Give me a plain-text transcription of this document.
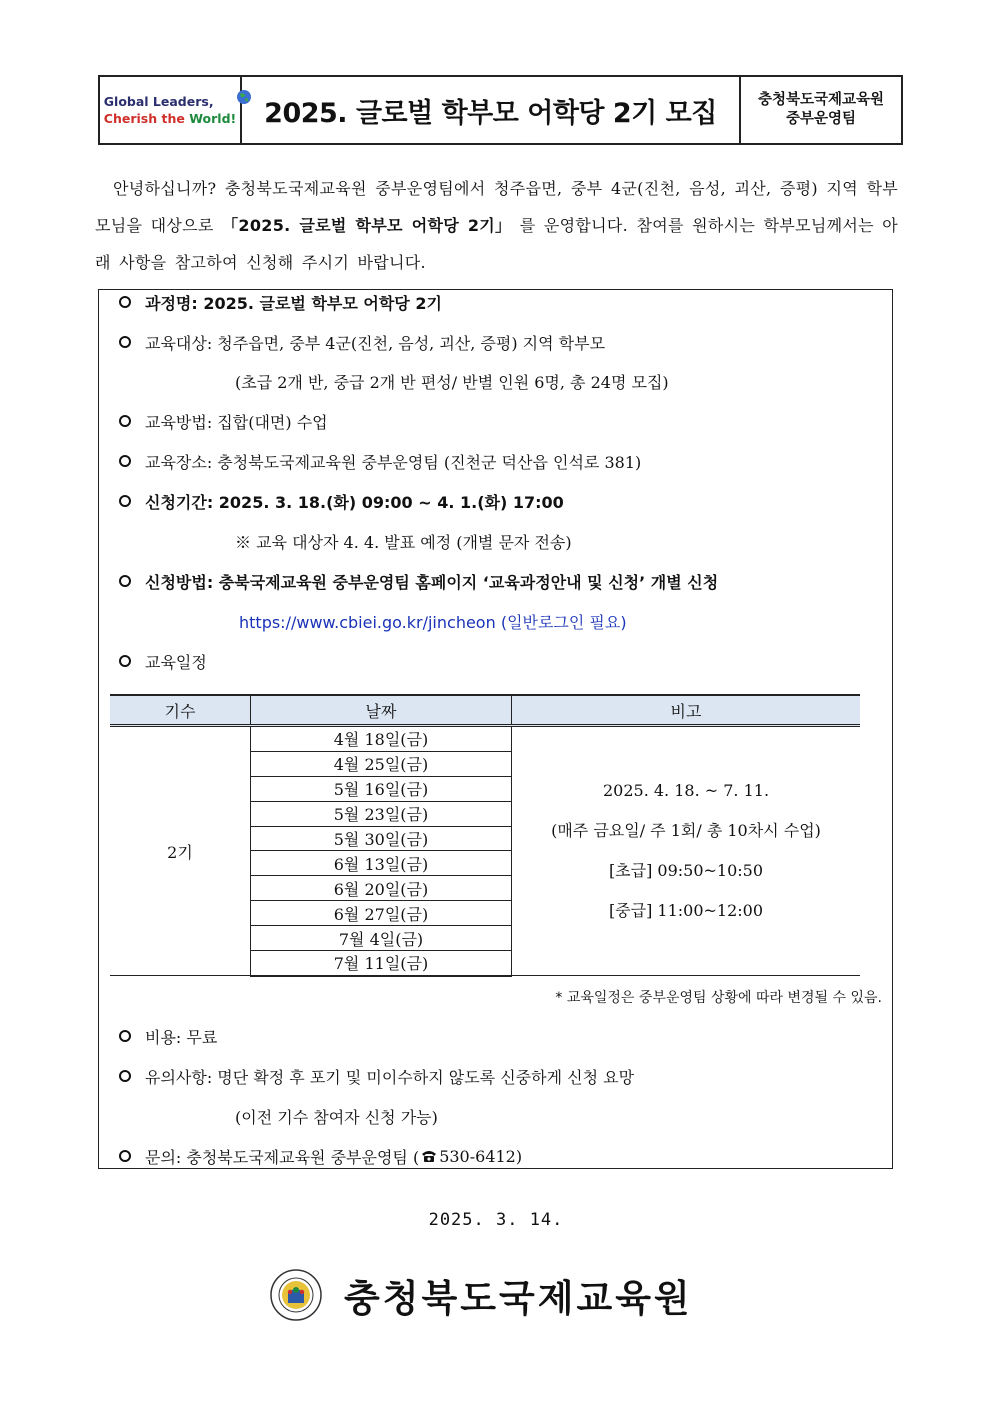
Global Leaders,
Cherish the World!	2025. 글로벌 학부모 어학당 2기 모집	충청북도국제교육원
중부운영팀
안녕하십니까? 충청북도국제교육원 중부운영팀에서 청주읍면, 중부 4군(진천, 음성, 괴산, 증평) 지역 학부모님을 대상으로 「2025. 글로벌 학부모 어학당 2기」 를 운영합니다. 참여를 원하시는 학부모님께서는 아래 사항을 참고하여 신청해 주시기 바랍니다.
과정명: 2025. 글로벌 학부모 어학당 2기
교육대상: 청주읍면, 중부 4군(진천, 음성, 괴산, 증평) 지역 학부모
(초급 2개 반, 중급 2개 반 편성/ 반별 인원 6명, 총 24명 모집)
교육방법: 집합(대면) 수업
교육장소: 충청북도국제교육원 중부운영팀 (진천군 덕산읍 인석로 381)
신청기간: 2025. 3. 18.(화) 09:00 ~ 4. 1.(화) 17:00
※ 교육 대상자 4. 4. 발표 예정 (개별 문자 전송)
신청방법: 충북국제교육원 중부운영팀 홈페이지 ‘교육과정안내 및 신청’ 개별 신청
https://www.cbiei.go.kr/jincheon (일반로그인 필요)
교육일정
기수	날짜	비고
2기	4월 18일(금)	2025. 4. 18. ~ 7. 11.
(매주 금요일/ 주 1회/ 총 10차시 수업)
[초급] 09:50~10:50
[중급] 11:00~12:00

	4월 25일(금)	
	5월 16일(금)	
	5월 23일(금)	
	5월 30일(금)	
	6월 13일(금)	
	6월 20일(금)	
	6월 27일(금)	
	7월 4일(금)	
	7월 11일(금)	
* 교육일정은 중부운영팀 상황에 따라 변경될 수 있음.
비용: 무료
유의사항: 명단 확정 후 포기 및 미이수하지 않도록 신중하게 신청 요망
(이전 기수 참여자 신청 가능)
문의: 충청북도국제교육원 중부운영팀 ( 530-6412)
2025. 3. 14.
충청북도국제교육원
